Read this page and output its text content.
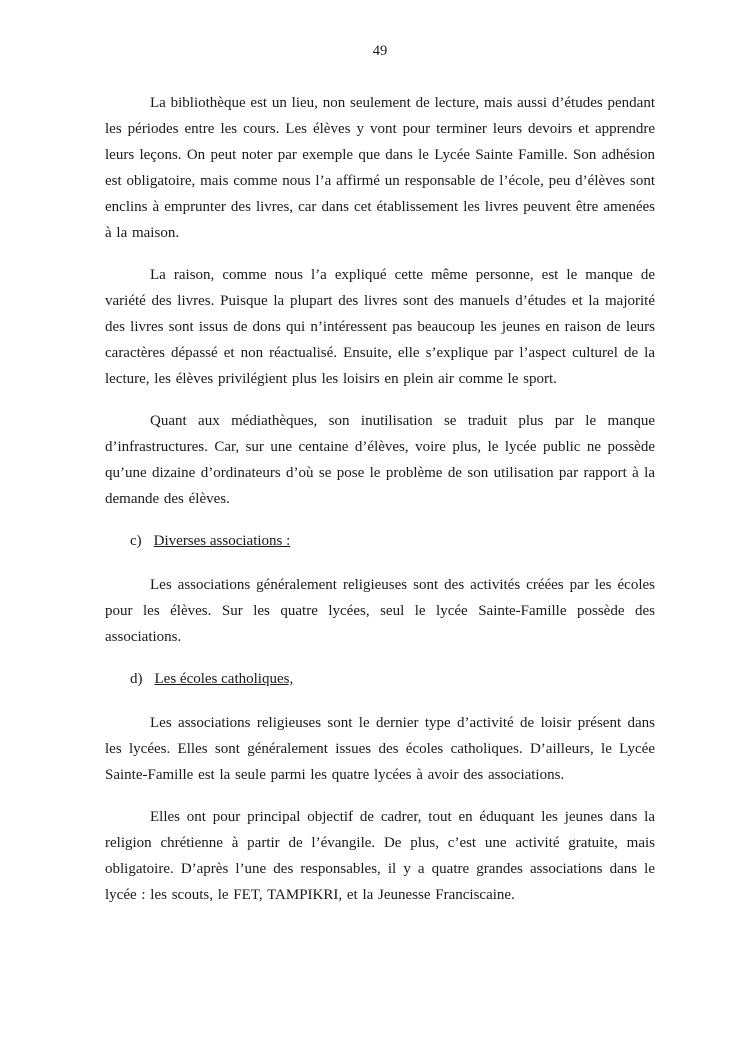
49

La bibliothèque est un lieu, non seulement de lecture, mais aussi d’études pendant les périodes entre les cours. Les élèves y vont pour terminer leurs devoirs et apprendre leurs leçons. On peut noter par exemple que dans le Lycée Sainte Famille. Son adhésion est obligatoire, mais comme nous l’a affirmé un responsable de l’école, peu d’élèves sont enclins à emprunter des livres, car dans cet établissement les livres peuvent être amenées à la maison.

La raison, comme nous l’a expliqué cette même personne, est le manque de variété des livres. Puisque la plupart des livres sont des manuels d’études et la majorité des livres sont issus de dons qui n’intéressent pas beaucoup les jeunes en raison de leurs caractères dépassé et non réactualisé. Ensuite, elle s’explique par l’aspect culturel de la lecture, les élèves privilégient plus les loisirs en plein air comme le sport.

Quant aux médiathèques, son inutilisation se traduit plus par le manque d’infrastructures. Car, sur une centaine d’élèves, voire plus, le lycée public ne possède qu’une dizaine d’ordinateurs d’où se pose le problème de son utilisation par rapport à la demande des élèves.

c) Diverses associations :

Les associations généralement religieuses sont des activités créées par les écoles pour les élèves. Sur les quatre lycées, seul le lycée Sainte-Famille possède des associations.

d) Les écoles catholiques,

Les associations religieuses sont le dernier type d’activité de loisir présent dans les lycées. Elles sont généralement issues des écoles catholiques. D’ailleurs, le Lycée Sainte-Famille est la seule parmi les quatre lycées à avoir des associations.

Elles ont pour principal objectif de cadrer, tout en éduquant les jeunes dans la religion chrétienne à partir de l’évangile. De plus, c’est une activité gratuite, mais obligatoire. D’après l’une des responsables, il y a quatre grandes associations dans le lycée : les scouts, le FET, TAMPIKRI, et la Jeunesse Franciscaine.
